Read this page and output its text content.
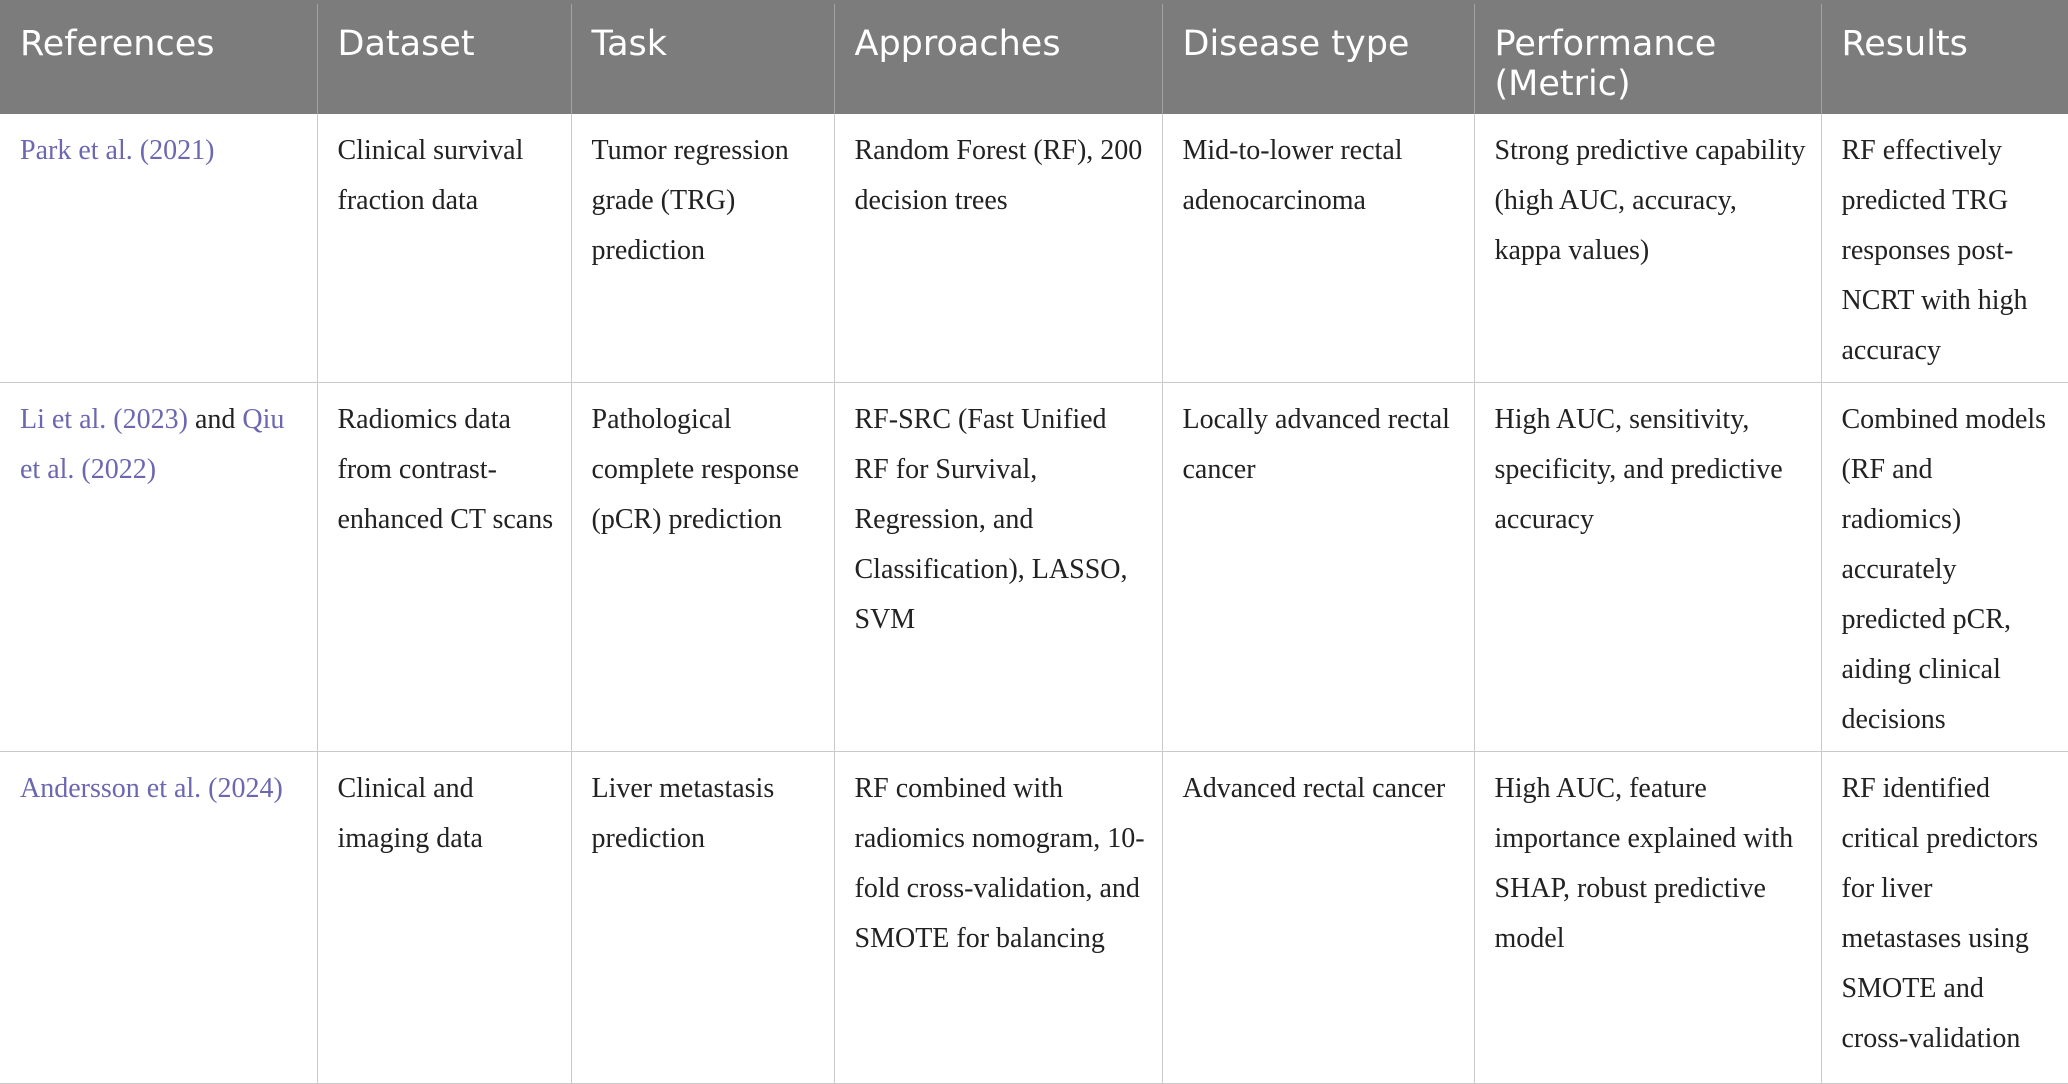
References	Dataset	Task	Approaches	Disease type	Performance (Metric)	Results
Park et al. (2021)	Clinical survival fraction data	Tumor regression grade (TRG) prediction	Random Forest (RF), 200 decision trees	Mid-to-lower rectal adenocarcinoma	Strong predictive capability (high AUC, accuracy, kappa values)	RF effectively predicted TRG responses post-NCRT with high accuracy
Li et al. (2023) and Qiu et al. (2022)	Radiomics data from contrast-enhanced CT scans	Pathological complete response (pCR) prediction	RF-SRC (Fast Unified RF for Survival, Regression, and Classification), LASSO, SVM	Locally advanced rectal cancer	High AUC, sensitivity, specificity, and predictive accuracy	Combined models (RF and radiomics) accurately predicted pCR, aiding clinical decisions
Andersson et al. (2024)	Clinical and imaging data	Liver metastasis prediction	RF combined with radiomics nomogram, 10-fold cross-validation, and SMOTE for balancing	Advanced rectal cancer	High AUC, feature importance explained with SHAP, robust predictive model	RF identified critical predictors for liver metastases using SMOTE and cross-validation
